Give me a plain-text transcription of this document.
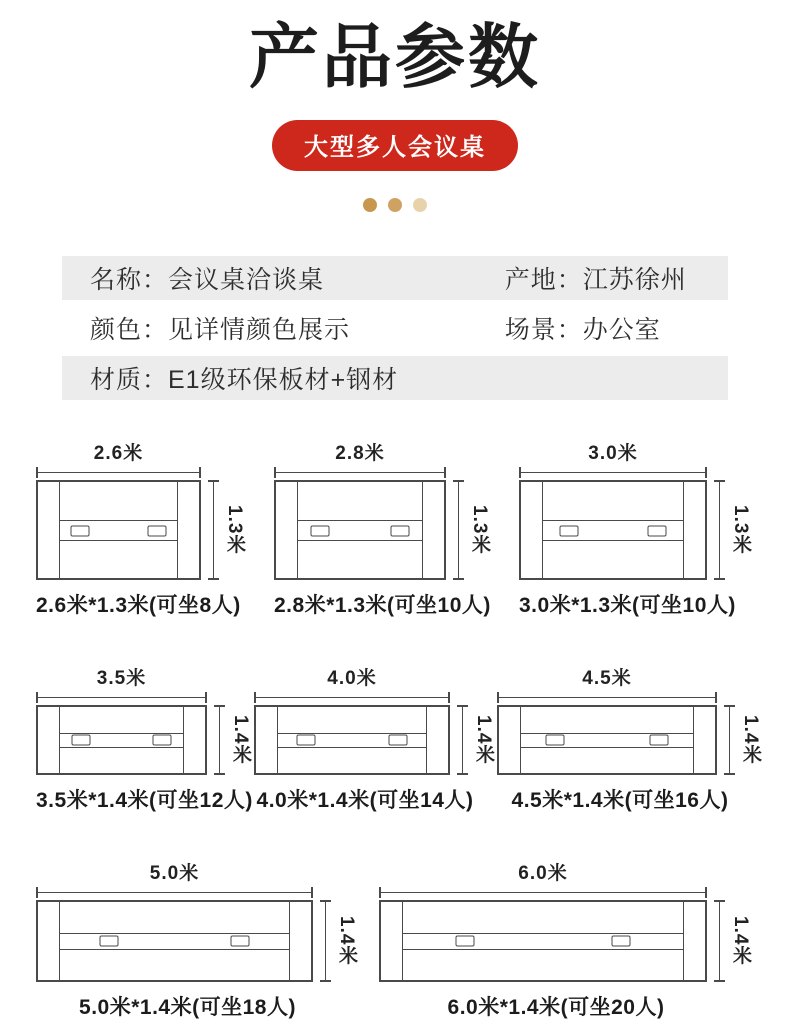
产品参数
大型多人会议桌
名称：会议桌洽谈桌	产地：江苏徐州
颜色：见详情颜色展示	场景：办公室
材质：E1级环保板材+钢材
2.6米
1.3米
2.6米*1.3米(可坐8人)
2.8米
1.3米
2.8米*1.3米(可坐10人)
3.0米
1.3米
3.0米*1.3米(可坐10人)
3.5米
1.4米
3.5米*1.4米(可坐12人)
4.0米
1.4米
4.0米*1.4米(可坐14人)
4.5米
1.4米
4.5米*1.4米(可坐16人)
5.0米
1.4米
5.0米*1.4米(可坐18人)
6.0米
1.4米
6.0米*1.4米(可坐20人)
